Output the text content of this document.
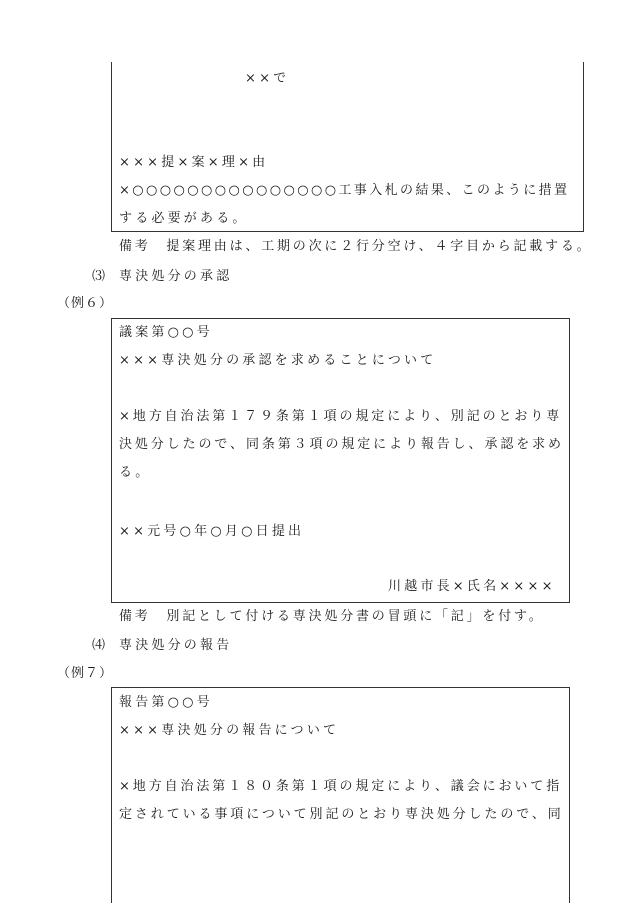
××で
×××提×案×理×由
×○○○○○○○○○○○○○○○工事入札の結果、このように措置
する必要がある。
備考　提案理由は、工期の次に２行分空け、４字目から記載する。
⑶ 専決処分の承認
（例６）
議案第○○号
×××専決処分の承認を求めることについて
×地方自治法第１７９条第１項の規定により、別記のとおり専
決処分したので、同条第３項の規定により報告し、承認を求め
る。
××元号○年○月○日提出
川越市長×氏名××××
備考　別記として付ける専決処分書の冒頭に「記」を付す。
⑷ 専決処分の報告
（例７）
報告第○○号
×××専決処分の報告について
×地方自治法第１８０条第１項の規定により、議会において指
定されている事項について別記のとおり専決処分したので、同
